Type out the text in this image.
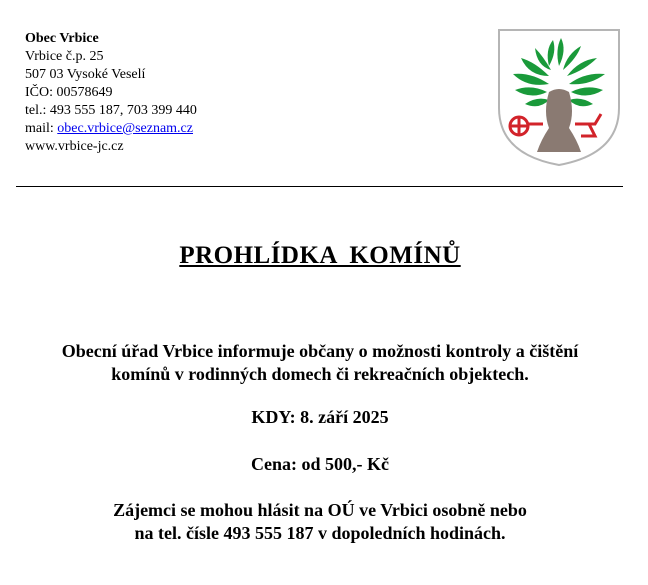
Obec Vrbice
Vrbice č.p. 25
507 03 Vysoké Veselí
IČO: 00578649
tel.: 493 555 187, 703 399 440
mail: obec.vrbice@seznam.cz
www.vrbice-jc.cz
PROHLÍDKA KOMÍNŮ
Obecní úřad Vrbice informuje občany o možnosti kontroly a čištění
komínů v rodinných domech či rekreačních objektech.
KDY: 8. září 2025
Cena: od 500,- Kč
Zájemci se mohou hlásit na OÚ ve Vrbici osobně nebo
na tel. čísle 493 555 187 v dopoledních hodinách.
